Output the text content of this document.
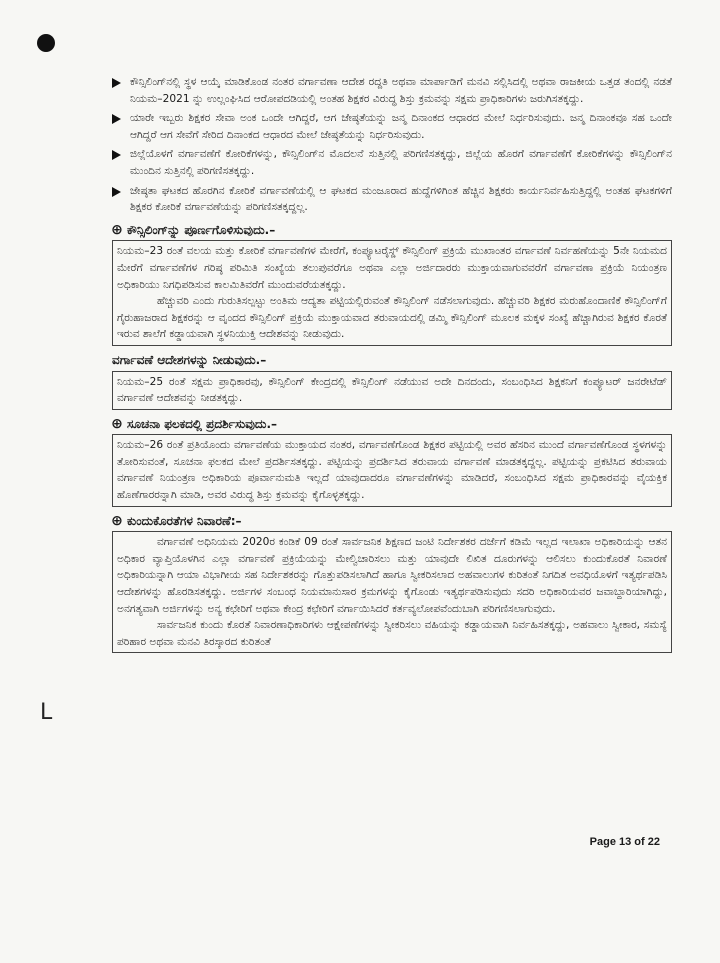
L
ಕೌನ್ಸಿಲಿಂಗ್‌ನಲ್ಲಿ ಸ್ಥಳ ಆಯ್ಕೆ ಮಾಡಿಕೊಂಡ ನಂತರ ವರ್ಗಾವಣಾ ಆದೇಶ ರದ್ದತಿ ಅಥವಾ ಮಾರ್ಪಾಡಿಗೆ ಮನವಿ ಸಲ್ಲಿಸಿದಲ್ಲಿ ಅಥವಾ ರಾಜಕೀಯ ಒತ್ತಡ ತಂದಲ್ಲಿ ನಡತೆ ನಿಯಮ–2021 ನ್ನು ಉಲ್ಲಂಘಿಸಿದ ಆರೋಪದಡಿಯಲ್ಲಿ ಅಂತಹ ಶಿಕ್ಷಕರ ವಿರುದ್ಧ ಶಿಸ್ತು ಕ್ರಮವನ್ನು ಸಕ್ಷಮ ಪ್ರಾಧಿಕಾರಿಗಳು ಜರುಗಿಸತಕ್ಕದ್ದು.
ಯಾರೇ ಇಬ್ಬರು ಶಿಕ್ಷಕರ ಸೇವಾ ಅಂಕ ಒಂದೇ ಆಗಿದ್ದರೆ, ಆಗ ಜೇಷ್ಠತೆಯನ್ನು ಜನ್ಮ ದಿನಾಂಕದ ಆಧಾರದ ಮೇಲೆ ನಿರ್ಧರಿಸುವುದು. ಜನ್ಮ ದಿನಾಂಕವೂ ಸಹ ಒಂದೇ ಆಗಿದ್ದರೆ ಆಗ ಸೇವೆಗೆ ಸೇರಿದ ದಿನಾಂಕದ ಆಧಾರದ ಮೇಲೆ ಜೇಷ್ಠತೆಯನ್ನು ನಿರ್ಧರಿಸುವುದು.
ಜಿಲ್ಲೆಯೊಳಗೆ ವರ್ಗಾವಣೆಗೆ ಕೋರಿಕೆಗಳನ್ನು, ಕೌನ್ಸಿಲಿಂಗ್‌ನ ಮೊದಲನೆ ಸುತ್ತಿನಲ್ಲಿ ಪರಿಗಣಿಸತಕ್ಕದ್ದು, ಜಿಲ್ಲೆಯ ಹೊರಗೆ ವರ್ಗಾವಣೆಗೆ ಕೋರಿಕೆಗಳನ್ನು ಕೌನ್ಸಿಲಿಂಗ್‌ನ ಮುಂದಿನ ಸುತ್ತಿನಲ್ಲಿ ಪರಿಗಣಿಸತಕ್ಕದ್ದು.
ಜೇಷ್ಠತಾ ಘಟಕದ ಹೊರಗಿನ ಕೋರಿಕೆ ವರ್ಗಾವಣೆಯಲ್ಲಿ ಆ ಘಟಕದ ಮಂಜೂರಾದ ಹುದ್ದೆಗಳಿಗಿಂತ ಹೆಚ್ಚಿನ ಶಿಕ್ಷಕರು ಕಾರ್ಯನಿರ್ವಹಿಸುತ್ತಿದ್ದಲ್ಲಿ ಅಂತಹ ಘಟಕಗಳಿಗೆ ಶಿಕ್ಷಕರ ಕೋರಿಕೆ ವರ್ಗಾವಣೆಯನ್ನು ಪರಿಗಣಿಸತಕ್ಕದ್ದಲ್ಲ.
⊕ ಕೌನ್ಸಿಲಿಂಗ್‌ನ್ನು ಪೂರ್ಣಗೊಳಿಸುವುದು.–

ನಿಯಮ–23 ರಂತೆ ವಲಯ ಮತ್ತು ಕೋರಿಕೆ ವರ್ಗಾವಣೆಗಳ ಮೇರೆಗೆ, ಕಂಪ್ಯೂಟರೈಸ್ಡ್ ಕೌನ್ಸಿಲಿಂಗ್ ಪ್ರಕ್ರಿಯೆ ಮುಖಾಂತರ ವರ್ಗಾವಣೆ ನಿರ್ವಹಣೆಯನ್ನು 5ನೇ ನಿಯಮದ ಮೇರೆಗೆ ವರ್ಗಾವಣೆಗಳ ಗರಿಷ್ಠ ಪರಿಮಿತಿ ಸಂಖ್ಯೆಯ ತಲುಪುವರೆಗೂ ಅಥವಾ ಎಲ್ಲಾ ಅರ್ಜಿದಾರರು ಮುಕ್ತಾಯವಾಗುವವರೆಗೆ ವರ್ಗಾವಣಾ ಪ್ರಕ್ರಿಯೆ ನಿಯಂತ್ರಣ ಅಧಿಕಾರಿಯು ನಿಗಧಿಪಡಿಸುವ ಕಾಲಮಿತಿವರೆಗೆ ಮುಂದುವರೆಯತಕ್ಕದ್ದು.

ಹೆಚ್ಚುವರಿ ಎಂದು ಗುರುತಿಸಲ್ಪಟ್ಟು ಅಂತಿಮ ಆದ್ಯತಾ ಪಟ್ಟಿಯಲ್ಲಿರುವಂತೆ ಕೌನ್ಸಿಲಿಂಗ್ ನಡೆಸಲಾಗುವುದು. ಹೆಚ್ಚುವರಿ ಶಿಕ್ಷಕರ ಮರುಹೊಂದಾಣಿಕೆ ಕೌನ್ಸಿಲಿಂಗ್‌ಗೆ ಗೈರುಹಾಜರಾದ ಶಿಕ್ಷಕರನ್ನು ಆ ವೃಂದದ ಕೌನ್ಸಿಲಿಂಗ್ ಪ್ರಕ್ರಿಯೆ ಮುಕ್ತಾಯವಾದ ತರುವಾಯದಲ್ಲಿ ಡಮ್ಮಿ ಕೌನ್ಸಿಲಿಂಗ್ ಮೂಲಕ ಮಕ್ಕಳ ಸಂಖ್ಯೆ ಹೆಚ್ಚಾಗಿರುವ ಶಿಕ್ಷಕರ ಕೊರತೆ ಇರುವ ಶಾಲೆಗೆ ಕಡ್ಡಾಯವಾಗಿ ಸ್ಥಳನಿಯುಕ್ತಿ ಆದೇಶವನ್ನು ನೀಡುವುದು.

ವರ್ಗಾವಣೆ ಆದೇಶಗಳನ್ನು ನೀಡುವುದು.–

ನಿಯಮ–25 ರಂತೆ ಸಕ್ಷಮ ಪ್ರಾಧಿಕಾರವು, ಕೌನ್ಸಿಲಿಂಗ್ ಕೇಂದ್ರದಲ್ಲಿ ಕೌನ್ಸಿಲಿಂಗ್ ನಡೆಯುವ ಅದೇ ದಿನದಂದು, ಸಂಬಂಧಿಸಿದ ಶಿಕ್ಷಕನಿಗೆ ಕಂಪ್ಯೂಟರ್ ಜನರೇಟೆಡ್ ವರ್ಗಾವಣೆ ಆದೇಶವನ್ನು ನೀಡತಕ್ಕದ್ದು.

⊕ ಸೂಚನಾ ಫಲಕದಲ್ಲಿ ಪ್ರದರ್ಶಿಸುವುದು.–

ನಿಯಮ–26 ರಂತೆ ಪ್ರತಿಯೊಂದು ವರ್ಗಾವಣೆಯ ಮುಕ್ತಾಯದ ನಂತರ, ವರ್ಗಾವಣೆಗೊಂಡ ಶಿಕ್ಷಕರ ಪಟ್ಟಿಯಲ್ಲಿ ಅವರ ಹೆಸರಿನ ಮುಂದೆ ವರ್ಗಾವಣೆಗೊಂಡ ಸ್ಥಳಗಳನ್ನು ತೋರಿಸುವಂತೆ, ಸೂಚನಾ ಫಲಕದ ಮೇಲೆ ಪ್ರದರ್ಶಿಸತಕ್ಕದ್ದು. ಪಟ್ಟಿಯನ್ನು ಪ್ರದರ್ಶಿಸಿದ ತರುವಾಯ ವರ್ಗಾವಣೆ ಮಾಡತಕ್ಕದ್ದಲ್ಲ. ಪಟ್ಟಿಯನ್ನು ಪ್ರಕಟಿಸಿದ ತರುವಾಯ ವರ್ಗಾವಣೆ ನಿಯಂತ್ರಣ ಅಧಿಕಾರಿಯ ಪೂರ್ವಾನುಮತಿ ಇಲ್ಲದೆ ಯಾವುದಾದರೂ ವರ್ಗಾವಣೆಗಳನ್ನು ಮಾಡಿದರೆ, ಸಂಬಂಧಿಸಿದ ಸಕ್ಷಮ ಪ್ರಾಧಿಕಾರವನ್ನು ವೈಯಕ್ತಿಕ ಹೊಣೆಗಾರರನ್ನಾಗಿ ಮಾಡಿ, ಅವರ ವಿರುದ್ಧ ಶಿಸ್ತು ಕ್ರಮವನ್ನು ಕೈಗೊಳ್ಳತಕ್ಕದ್ದು.

⊕ ಕುಂದುಕೊರತೆಗಳ ನಿವಾರಣೆ:–

ವರ್ಗಾವಣೆ ಅಧಿನಿಯಮ 2020ರ ಕಂಡಿಕೆ 09 ರಂತೆ ಸಾರ್ವಜನಿಕ ಶಿಕ್ಷಣದ ಜಂಟಿ ನಿರ್ದೇಶಕರ ದರ್ಜೆಗೆ ಕಡಿಮೆ ಇಲ್ಲದ ಇಲಾಖಾ ಅಧಿಕಾರಿಯನ್ನು ಆತನ ಅಧಿಕಾರ ವ್ಯಾಪ್ತಿಯೊಳಗಿನ ಎಲ್ಲಾ ವರ್ಗಾವಣೆ ಪ್ರಕ್ರಿಯೆಯನ್ನು ಮೇಲ್ವಿಚಾರಿಸಲು ಮತ್ತು ಯಾವುದೇ ಲಿಖಿತ ದೂರುಗಳನ್ನು ಆಲಿಸಲು ಕುಂದುಕೊರತೆ ನಿವಾರಣೆ ಅಧಿಕಾರಿಯನ್ನಾಗಿ ಆಯಾ ವಿಭಾಗೀಯ ಸಹ ನಿರ್ದೇಶಕರನ್ನು ಗೊತ್ತುಪಡಿಸಲಾಗಿದೆ ಹಾಗೂ ಸ್ವೀಕರಿಸಲಾದ ಅಹವಾಲುಗಳ ಕುರಿತಂತೆ ನಿಗದಿತ ಅವಧಿಯೊಳಗೆ ಇತ್ಯರ್ಥಪಡಿಸಿ ಆದೇಶಗಳನ್ನು ಹೊರಡಿಸತಕ್ಕದ್ದು. ಅರ್ಜಿಗಳ ಸಂಬಂಧ ನಿಯಮಾನುಸಾರ ಕ್ರಮಗಳನ್ನು ಕೈಗೊಂಡು ಇತ್ಯರ್ಥಪಡಿಸುವುದು ಸದರಿ ಅಧಿಕಾರಿಯವರ ಜವಾಬ್ದಾರಿಯಾಗಿದ್ದು, ಅನಗತ್ಯವಾಗಿ ಅರ್ಜಿಗಳನ್ನು ಅನ್ಯ ಕಛೇರಿಗೆ ಅಥವಾ ಕೇಂದ್ರ ಕಛೇರಿಗೆ ವರ್ಗಾಯಿಸಿದರೆ ಕರ್ತವ್ಯಲೋಪವೆಂದುಬಾಗಿ ಪರಿಗಣಿಸಲಾಗುವುದು.

ಸಾರ್ವಜನಿಕ ಕುಂದು ಕೊರತೆ ನಿವಾರಣಾಧಿಕಾರಿಗಳು ಆಕ್ಷೇಪಣೆಗಳನ್ನು ಸ್ವೀಕರಿಸಲು ವಹಿಯನ್ನು ಕಡ್ಡಾಯವಾಗಿ ನಿರ್ವಹಿಸತಕ್ಕದ್ದು, ಅಹವಾಲು ಸ್ವೀಕಾರ, ಸಮಸ್ಯೆ ಪರಿಹಾರ ಅಥವಾ ಮನವಿ ತಿರಸ್ಕಾರದ ಕುರಿತಂತೆ

Page 13 of 22
